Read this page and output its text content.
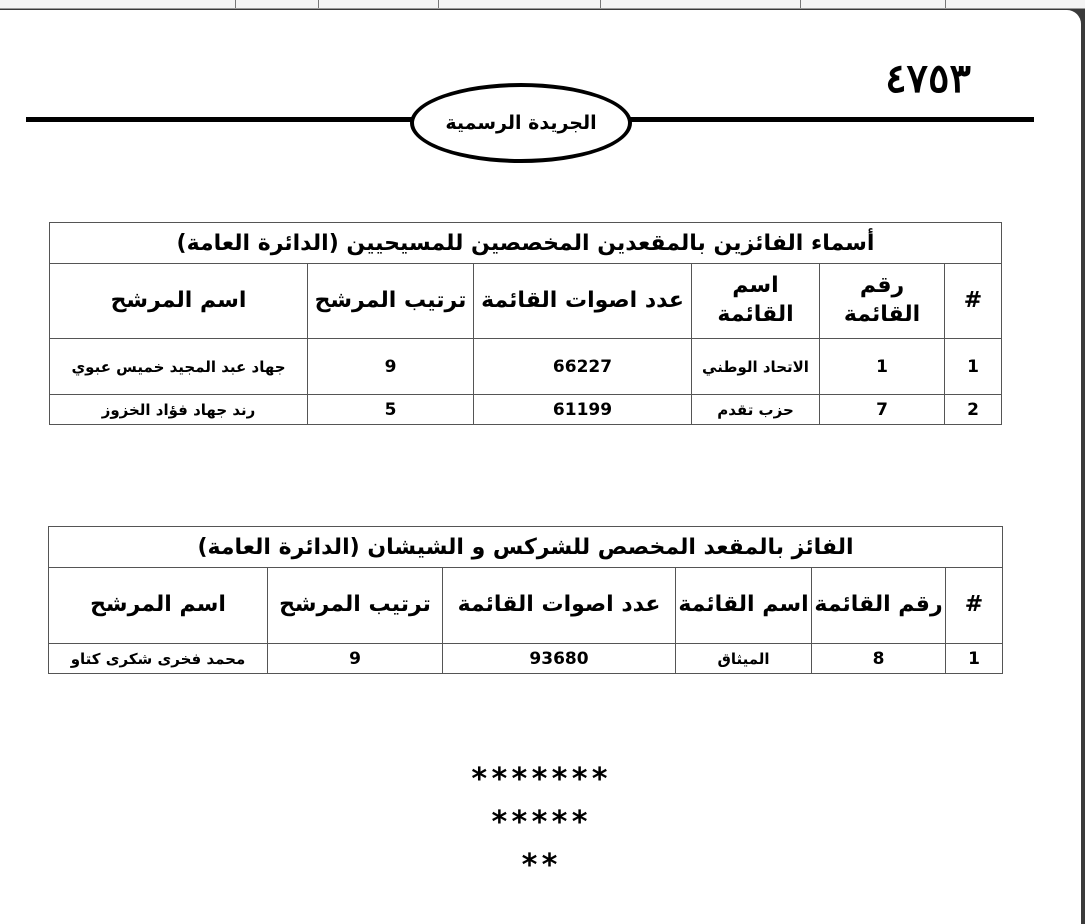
٤٧٥٣
الجريدة الرسمية
أسماء الفائزين بالمقعدين المخصصين للمسيحيين (الدائرة العامة)					
#	رقم القائمة	اسم القائمة	عدد اصوات القائمة	ترتيب المرشح	اسم المرشح
1	1	الاتحاد الوطني	66227	9	جهاد عبد المجيد خميس عبوي
2	7	حزب تقدم	61199	5	رند جهاد فؤاد الخزوز
الفائز بالمقعد المخصص للشركس و الشيشان (الدائرة العامة)					
#	رقم القائمة	اسم القائمة	عدد اصوات القائمة	ترتيب المرشح	اسم المرشح
1	8	الميثاق	93680	9	محمد فخرى شكرى كتاو
*******
*****
**
